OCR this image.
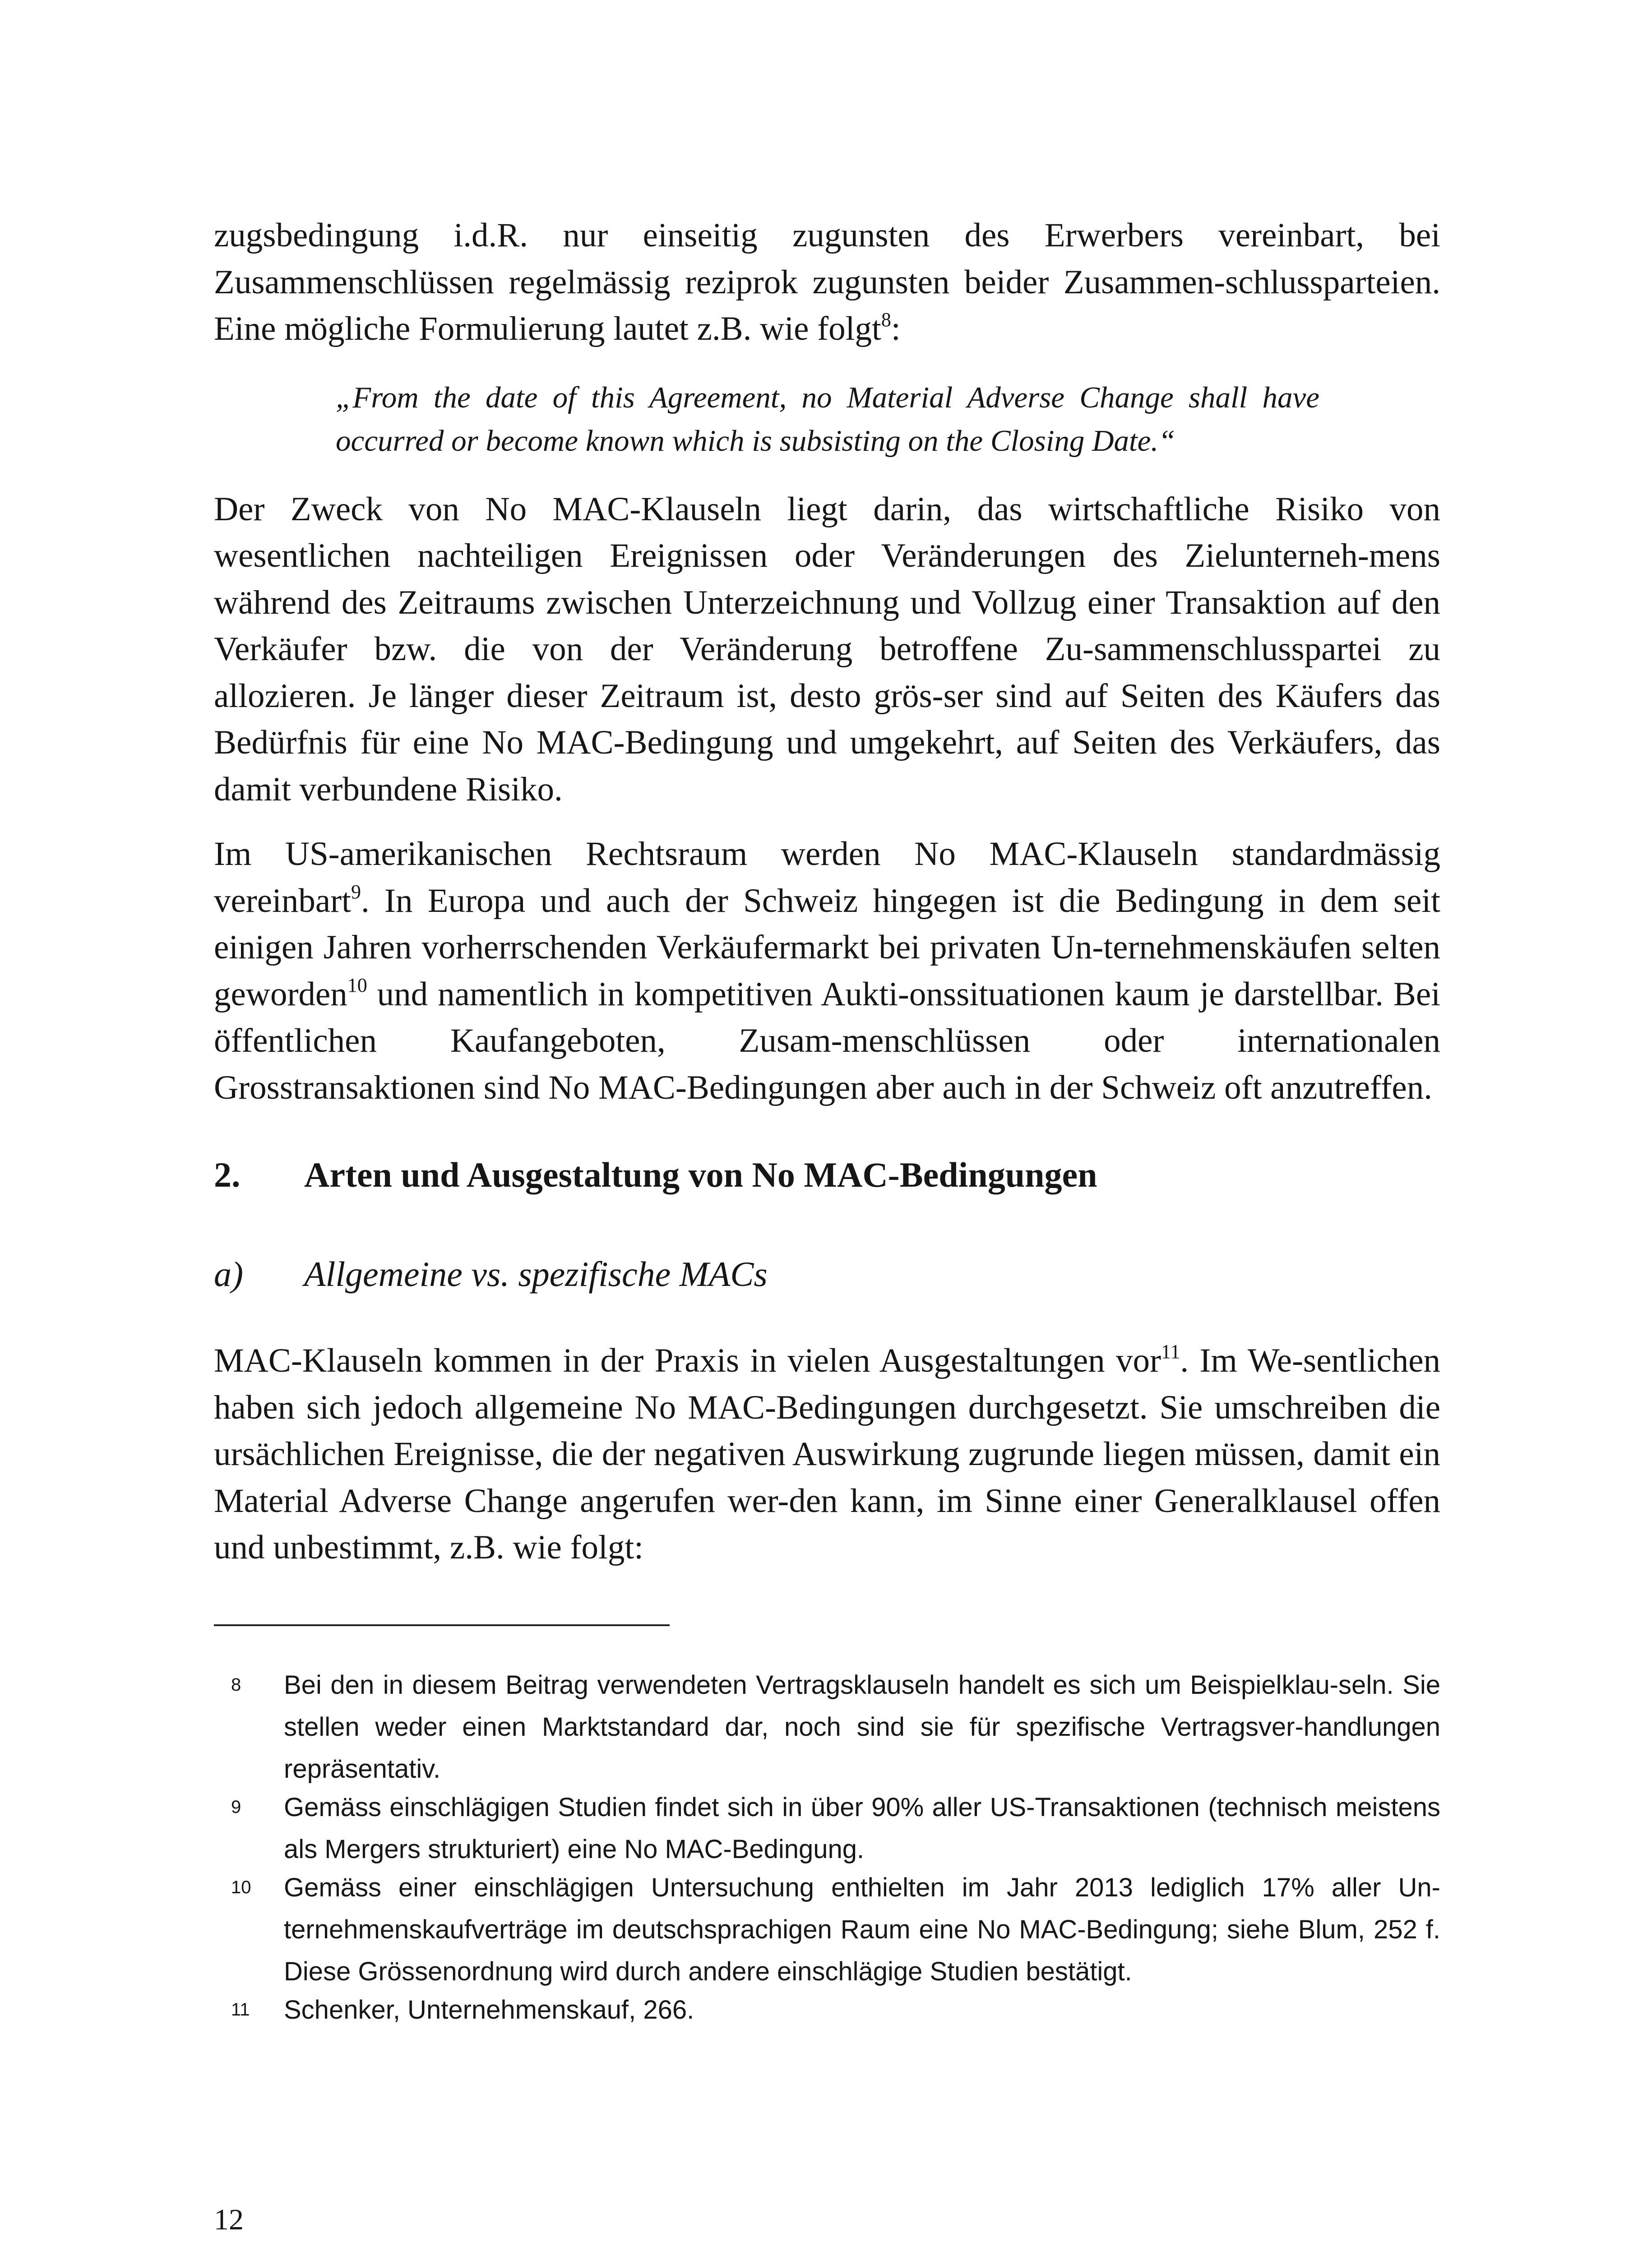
zugsbedingung i.d.R. nur einseitig zugunsten des Erwerbers vereinbart, bei Zusammenschlüssen regelmässig reziprok zugunsten beider Zusammen-schlussparteien. Eine mögliche Formulierung lautet z.B. wie folgt$^8$:

„From the date of this Agreement, no Material Adverse Change shall have occurred or become known which is subsisting on the Closing Date.“

Der Zweck von No MAC-Klauseln liegt darin, das wirtschaftliche Risiko von wesentlichen nachteiligen Ereignissen oder Veränderungen des Zielunterneh-mens während des Zeitraums zwischen Unterzeichnung und Vollzug einer Transaktion auf den Verkäufer bzw. die von der Veränderung betroffene Zu-sammenschlusspartei zu allozieren. Je länger dieser Zeitraum ist, desto grös-ser sind auf Seiten des Käufers das Bedürfnis für eine No MAC-Bedingung und umgekehrt, auf Seiten des Verkäufers, das damit verbundene Risiko.

Im US-amerikanischen Rechtsraum werden No MAC-Klauseln standardmässig vereinbart$^9$. In Europa und auch der Schweiz hingegen ist die Bedingung in dem seit einigen Jahren vorherrschenden Verkäufermarkt bei privaten Un-ternehmenskäufen selten geworden$^{10}$ und namentlich in kompetitiven Aukti-onssituationen kaum je darstellbar. Bei öffentlichen Kaufangeboten, Zusam-menschlüssen oder internationalen Grosstransaktionen sind No MAC-Bedingungen aber auch in der Schweiz oft anzutreffen.

2.	Arten und Ausgestaltung von No MAC-Bedingungen
a)	Allgemeine vs. spezifische MACs

MAC-Klauseln kommen in der Praxis in vielen Ausgestaltungen vor$^{11}$. Im We-sentlichen haben sich jedoch allgemeine No MAC-Bedingungen durchgesetzt. Sie umschreiben die ursächlichen Ereignisse, die der negativen Auswirkung zugrunde liegen müssen, damit ein Material Adverse Change angerufen wer-den kann, im Sinne einer Generalklausel offen und unbestimmt, z.B. wie folgt:

8	Bei den in diesem Beitrag verwendeten Vertragsklauseln handelt es sich um Beispielklau-seln. Sie stellen weder einen Marktstandard dar, noch sind sie für spezifische Vertragsver-handlungen repräsentativ.
9	Gemäss einschlägigen Studien findet sich in über 90% aller US-Transaktionen (technisch meistens als Mergers strukturiert) eine No MAC-Bedingung.
10	Gemäss einer einschlägigen Untersuchung enthielten im Jahr 2013 lediglich 17% aller Un-ternehmenskaufverträge im deutschsprachigen Raum eine No MAC-Bedingung; siehe Blum, 252 f. Diese Grössenordnung wird durch andere einschlägige Studien bestätigt.
11	Schenker, Unternehmenskauf, 266.
12
